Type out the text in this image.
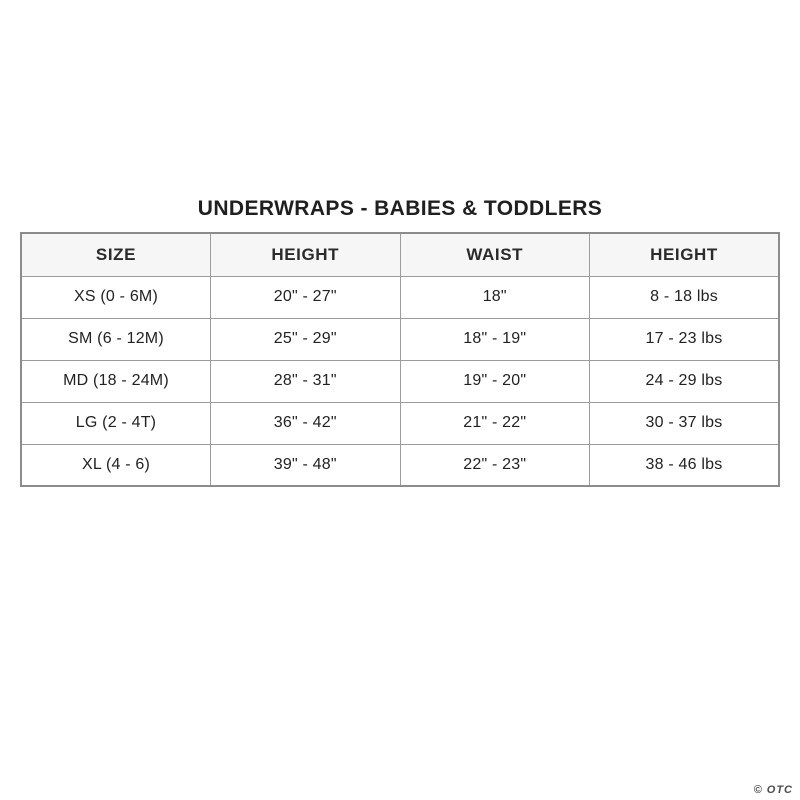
UNDERWRAPS - BABIES & TODDLERS
SIZE	HEIGHT	WAIST	HEIGHT
XS (0 - 6M)	20" - 27"	18"	8 - 18 lbs
SM (6 - 12M)	25" - 29"	18" - 19"	17 - 23 lbs
MD (18 - 24M)	28" - 31"	19" - 20"	24 - 29 lbs
LG (2 - 4T)	36" - 42"	21" - 22"	30 - 37 lbs
XL (4 - 6)	39" - 48"	22" - 23"	38 - 46 lbs
© OTC
